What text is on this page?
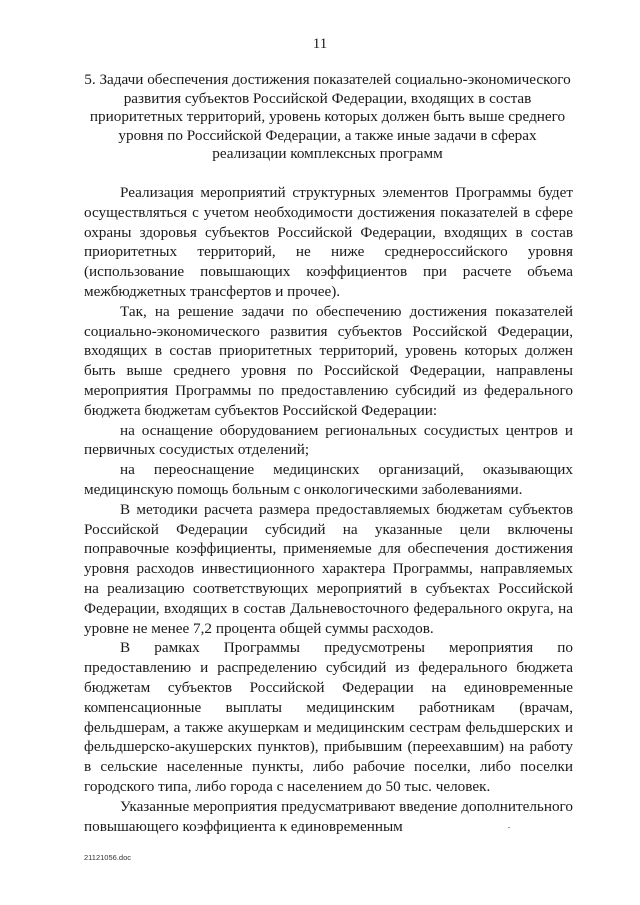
11
5. Задачи обеспечения достижения показателей социально-экономического
развития субъектов Российской Федерации, входящих в состав
приоритетных территорий, уровень которых должен быть выше среднего
уровня по Российской Федерации, а также иные задачи в сферах
реализации комплексных программ

Реализация мероприятий структурных элементов Программы будет осуществляться с учетом необходимости достижения показателей в сфере охраны здоровья субъектов Российской Федерации, входящих в состав приоритетных территорий, не ниже среднероссийского уровня (использование повышающих коэффициентов при расчете объема межбюджетных трансфертов и прочее).

Так, на решение задачи по обеспечению достижения показателей социально-экономического развития субъектов Российской Федерации, входящих в состав приоритетных территорий, уровень которых должен быть выше среднего уровня по Российской Федерации, направлены мероприятия Программы по предоставлению субсидий из федерального бюджета бюджетам субъектов Российской Федерации:

на оснащение оборудованием региональных сосудистых центров и первичных сосудистых отделений;

на переоснащение медицинских организаций, оказывающих медицинскую помощь больным с онкологическими заболеваниями.

В методики расчета размера предоставляемых бюджетам субъектов Российской Федерации субсидий на указанные цели включены поправочные коэффициенты, применяемые для обеспечения достижения уровня расходов инвестиционного характера Программы, направляемых на реализацию соответствующих мероприятий в субъектах Российской Федерации, входящих в состав Дальневосточного федерального округа, на уровне не менее 7,2 процента общей суммы расходов.

В рамках Программы предусмотрены мероприятия по предоставлению и распределению субсидий из федерального бюджета бюджетам субъектов Российской Федерации на единовременные компенсационные выплаты медицинским работникам (врачам, фельдшерам, а также акушеркам и медицинским сестрам фельдшерских и фельдшерско-акушерских пунктов), прибывшим (переехавшим) на работу в сельские населенные пункты, либо рабочие поселки, либо поселки городского типа, либо города с населением до 50 тыс. человек.

Указанные мероприятия предусматривают введение дополнительного повышающего коэффициента к единовременным

21121056.doc
